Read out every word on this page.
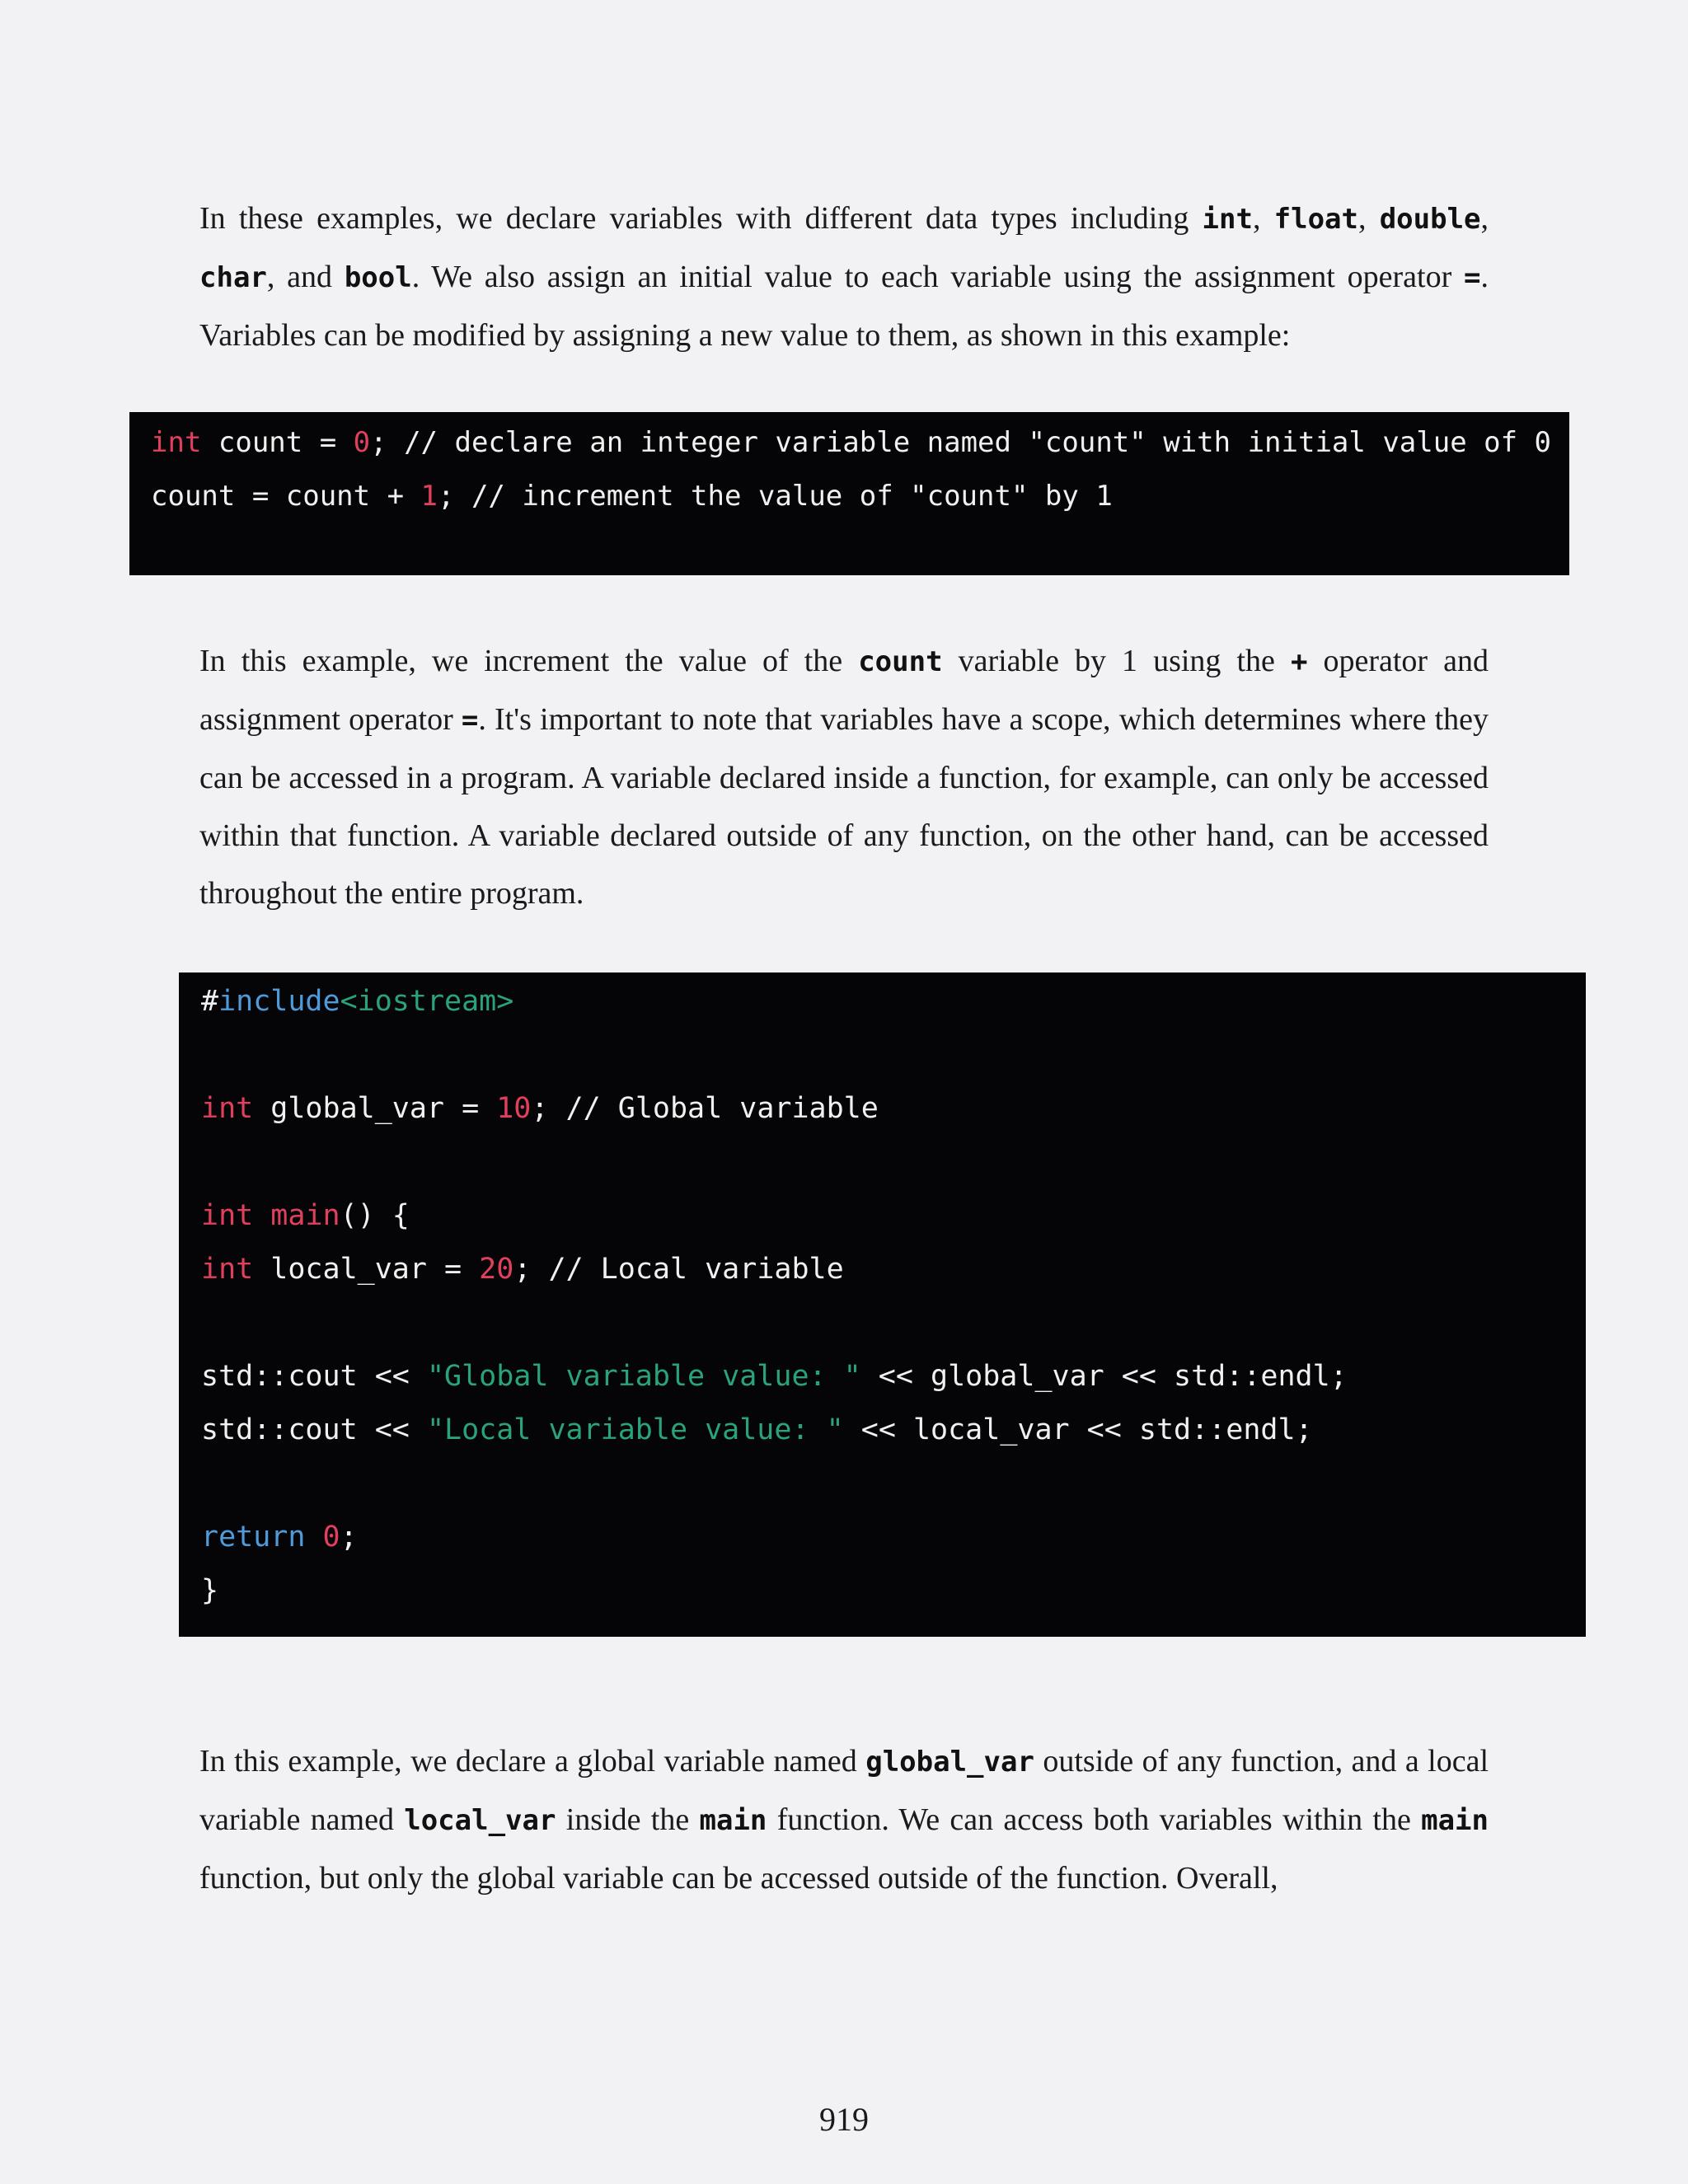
In these examples, we declare variables with different data types including int, float, double, char, and bool. We also assign an initial value to each variable using the assignment operator =. Variables can be modified by assigning a new value to them, as shown in this example:

int count = 0; // declare an integer variable named "count" with initial value of 0
count = count + 1; // increment the value of "count" by 1

In this example, we increment the value of the count variable by 1 using the + operator and assignment operator =. It's important to note that variables have a scope, which determines where they can be accessed in a program. A variable declared inside a function, for example, can only be accessed within that function. A variable declared outside of any function, on the other hand, can be accessed throughout the entire program.

#include<iostream>
int global_var = 10; // Global variable
int main() {
int local_var = 20; // Local variable
std::cout << "Global variable value: " << global_var << std::endl;
std::cout << "Local variable value: " << local_var << std::endl;
return 0;
}

In this example, we declare a global variable named global_var outside of any function, and a local variable named local_var inside the main function. We can access both variables within the main function, but only the global variable can be accessed outside of the function. Overall,

919
